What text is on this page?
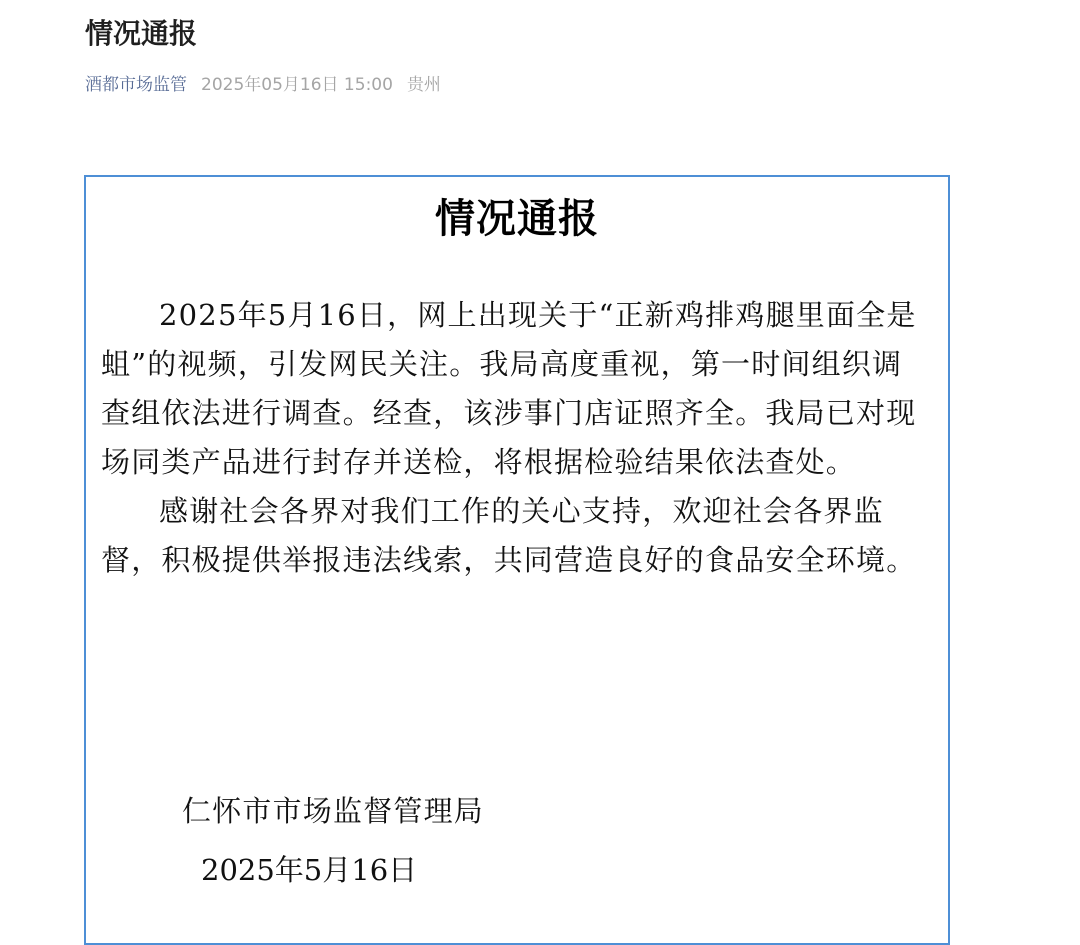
情况通报
酒都市场监管 2025年05月16日 15:00 贵州
情况通报

2025年5月16日，网上出现关于“正新鸡排鸡腿里面全是蛆”的视频，引发网民关注。我局高度重视，第一时间组织调查组依法进行调查。经查，该涉事门店证照齐全。我局已对现场同类产品进行封存并送检，将根据检验结果依法查处。

感谢社会各界对我们工作的关心支持，欢迎社会各界监督，积极提供举报违法线索，共同营造良好的食品安全环境。

仁怀市市场监督管理局
2025年5月16日
